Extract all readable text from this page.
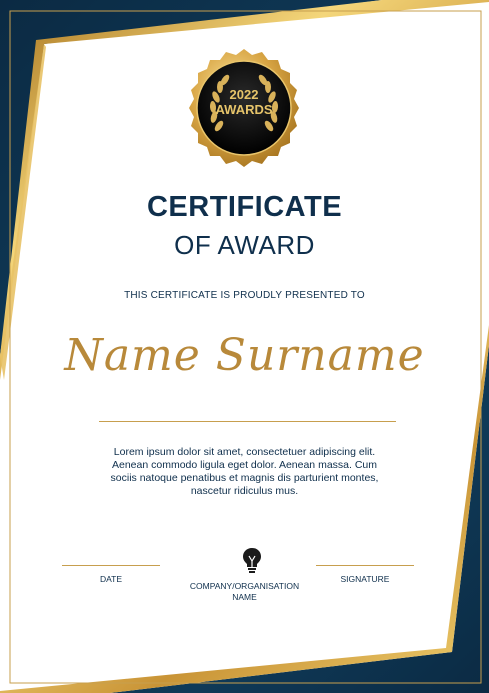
2022
AWARDS
CERTIFICATE
OF AWARD
THIS CERTIFICATE IS PROUDLY PRESENTED TO
Name Surname
Lorem ipsum dolor sit amet, consectetuer adipiscing elit. Aenean commodo ligula eget dolor. Aenean massa. Cum sociis natoque penatibus et magnis dis parturient montes, nascetur ridiculus mus.
DATE
COMPANY/ORGANISATION NAME
SIGNATURE
